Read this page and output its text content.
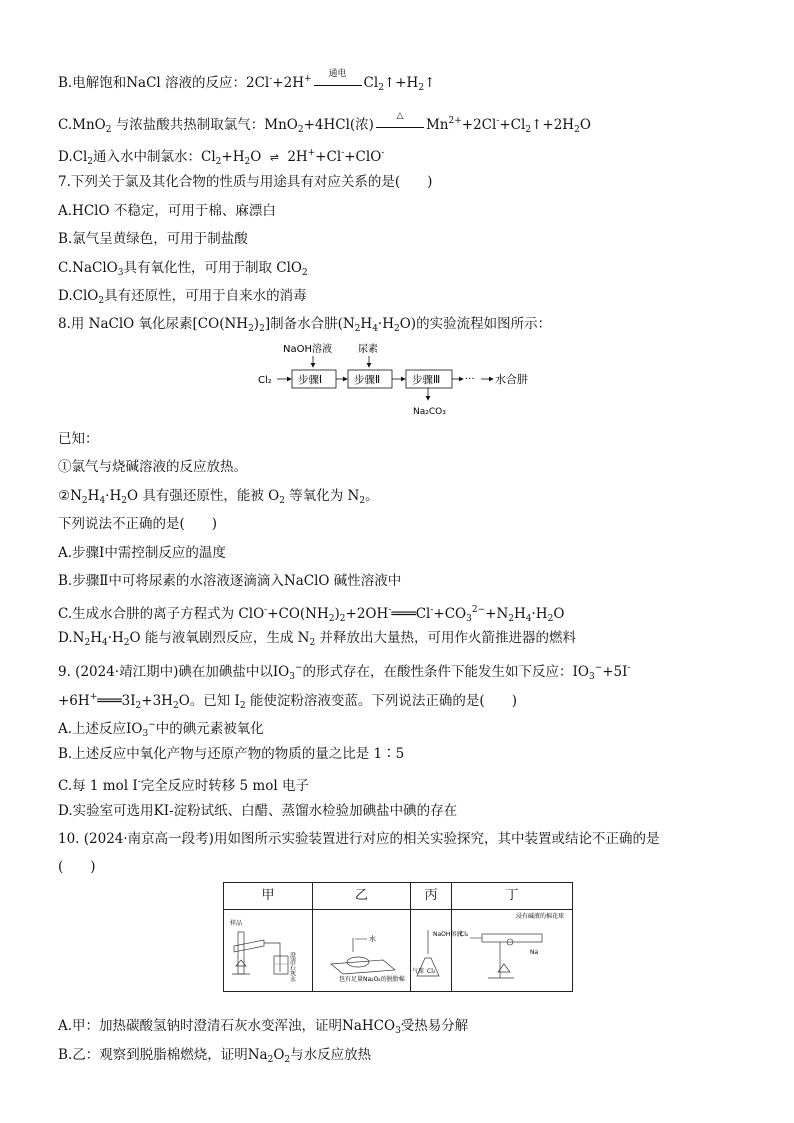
B.电解饱和NaCl 溶液的反应：2Cl-+2H+
通电
$Cl_2↑+H_2↑$
C.MnO$_2$ 与浓盐酸共热制取氯气：MnO$_2$+4HCl(浓)
△
$Mn^{2+}+2Cl^-+Cl_2↑+2H_2O$
$D.Cl_2$通入水中制氯水：$Cl_2+H_2O$ ⇌ 2H++Cl-+ClO-
7.下列关于氯及其化合物的性质与用途具有对应关系的是(　　)
A.HClO 不稳定，可用于棉、麻漂白
B.氯气呈黄绿色，可用于制盐酸
C.NaClO$_3$具有氧化性，可用于制取 ClO$_2$
D.ClO$_2$具有还原性，可用于自来水的消毒
8.用 NaClO 氧化尿素$[CO(NH_2)_2]$制备水合肼$(N_2H_4\cdot H_2O)$的实验流程如图所示：
NaOH溶液	尿素
Cl₂ 步骤Ⅰ	步骤Ⅱ	步骤Ⅲ ··· 水合肼
Na₂CO₃
已知：
①氯气与烧碱溶液的反应放热。
$②N_2H_4\cdot H_2O$ 具有强还原性，能被 $O_2$ 等氧化为 $N_2$。
下列说法不正确的是(　　)
A.步骤Ⅰ中需控制反应的温度
B.步骤Ⅱ中可将尿素的水溶液逐滴滴入NaClO 碱性溶液中
C.生成水合肼的离子方程式为 $ClO^-+CO(NH_2)_2+2OH^-═══Cl^-+CO_3^{2-}+N_2H_4\cdot H_2O$
$D.N_2H_4\cdot H_2O$ 能与液氧剧烈反应，生成 $N_2$ 并释放出大量热，可用作火箭推进器的燃料
9. (2024·靖江期中)碘在加碘盐中以$IO_3^-$的形式存在，在酸性条件下能发生如下反应：$IO_3^-+5I^-$
$+6H^+═══3I_2+3H_2O$。已知 $I_2$ 能使淀粉溶液变蓝。下列说法正确的是(　　)
A.上述反应$IO_3^-$中的碘元素被氧化
B.上述反应中氧化产物与还原产物的物质的量之比是 1∶5
C.每 1 mol I-完全反应时转移 5 mol 电子
D.实验室可选用KI-淀粉试纸、白醋、蒸馏水检验加碘盐中碘的存在
10. (2024·南京高一段考)用如图所示实验装置进行对应的相关实验探究，其中装置或结论不正确的是
(　　)
甲	乙	丙	丁
样品
澄清石灰水
水
包有足量Na₂O₂的脱脂棉
NaOH溶液
气球 Cl₂
浸有碱液的棉花球
Cl₂
Na
A.甲：加热碳酸氢钠时澄清石灰水变浑浊，证明NaHCO$_3$受热易分解
B.乙：观察到脱脂棉燃烧，证明$Na_2O_2$与水反应放热
